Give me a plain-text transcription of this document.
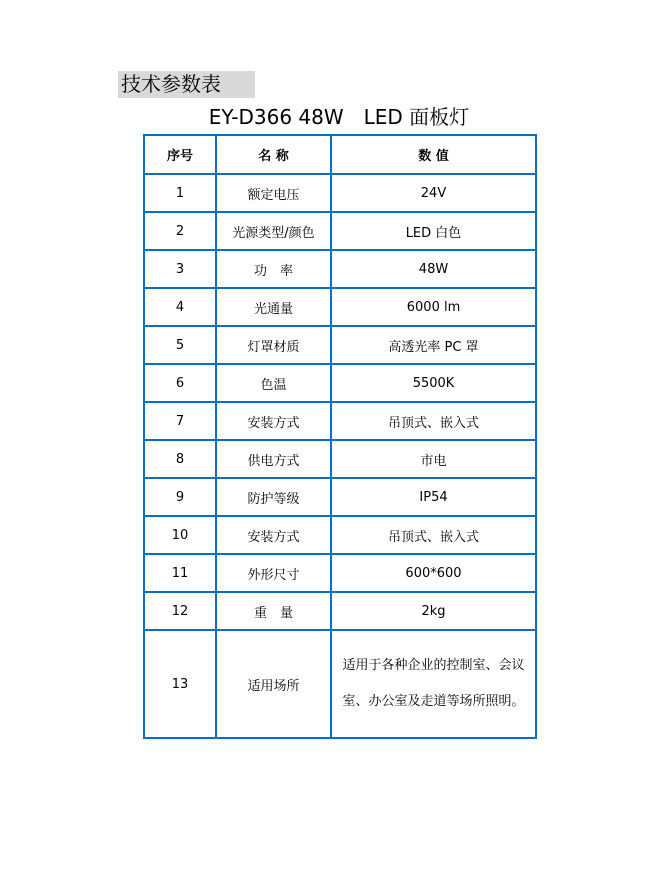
技术参数表
EY-D366 48W　LED 面板灯
序号	名 称	数 值
1	额定电压	24V
2	光源类型/颜色	LED 白色
3	功　率	48W
4	光通量	6000 lm
5	灯罩材质	高透光率 PC 罩
6	色温	5500K
7	安装方式	吊顶式、嵌入式
8	供电方式	市电
9	防护等级	IP54
10	安装方式	吊顶式、嵌入式
11	外形尺寸	600*600
12	重　量	2kg
13	适用场所	适用于各种企业的控制室、会议室、办公室及走道等场所照明。
